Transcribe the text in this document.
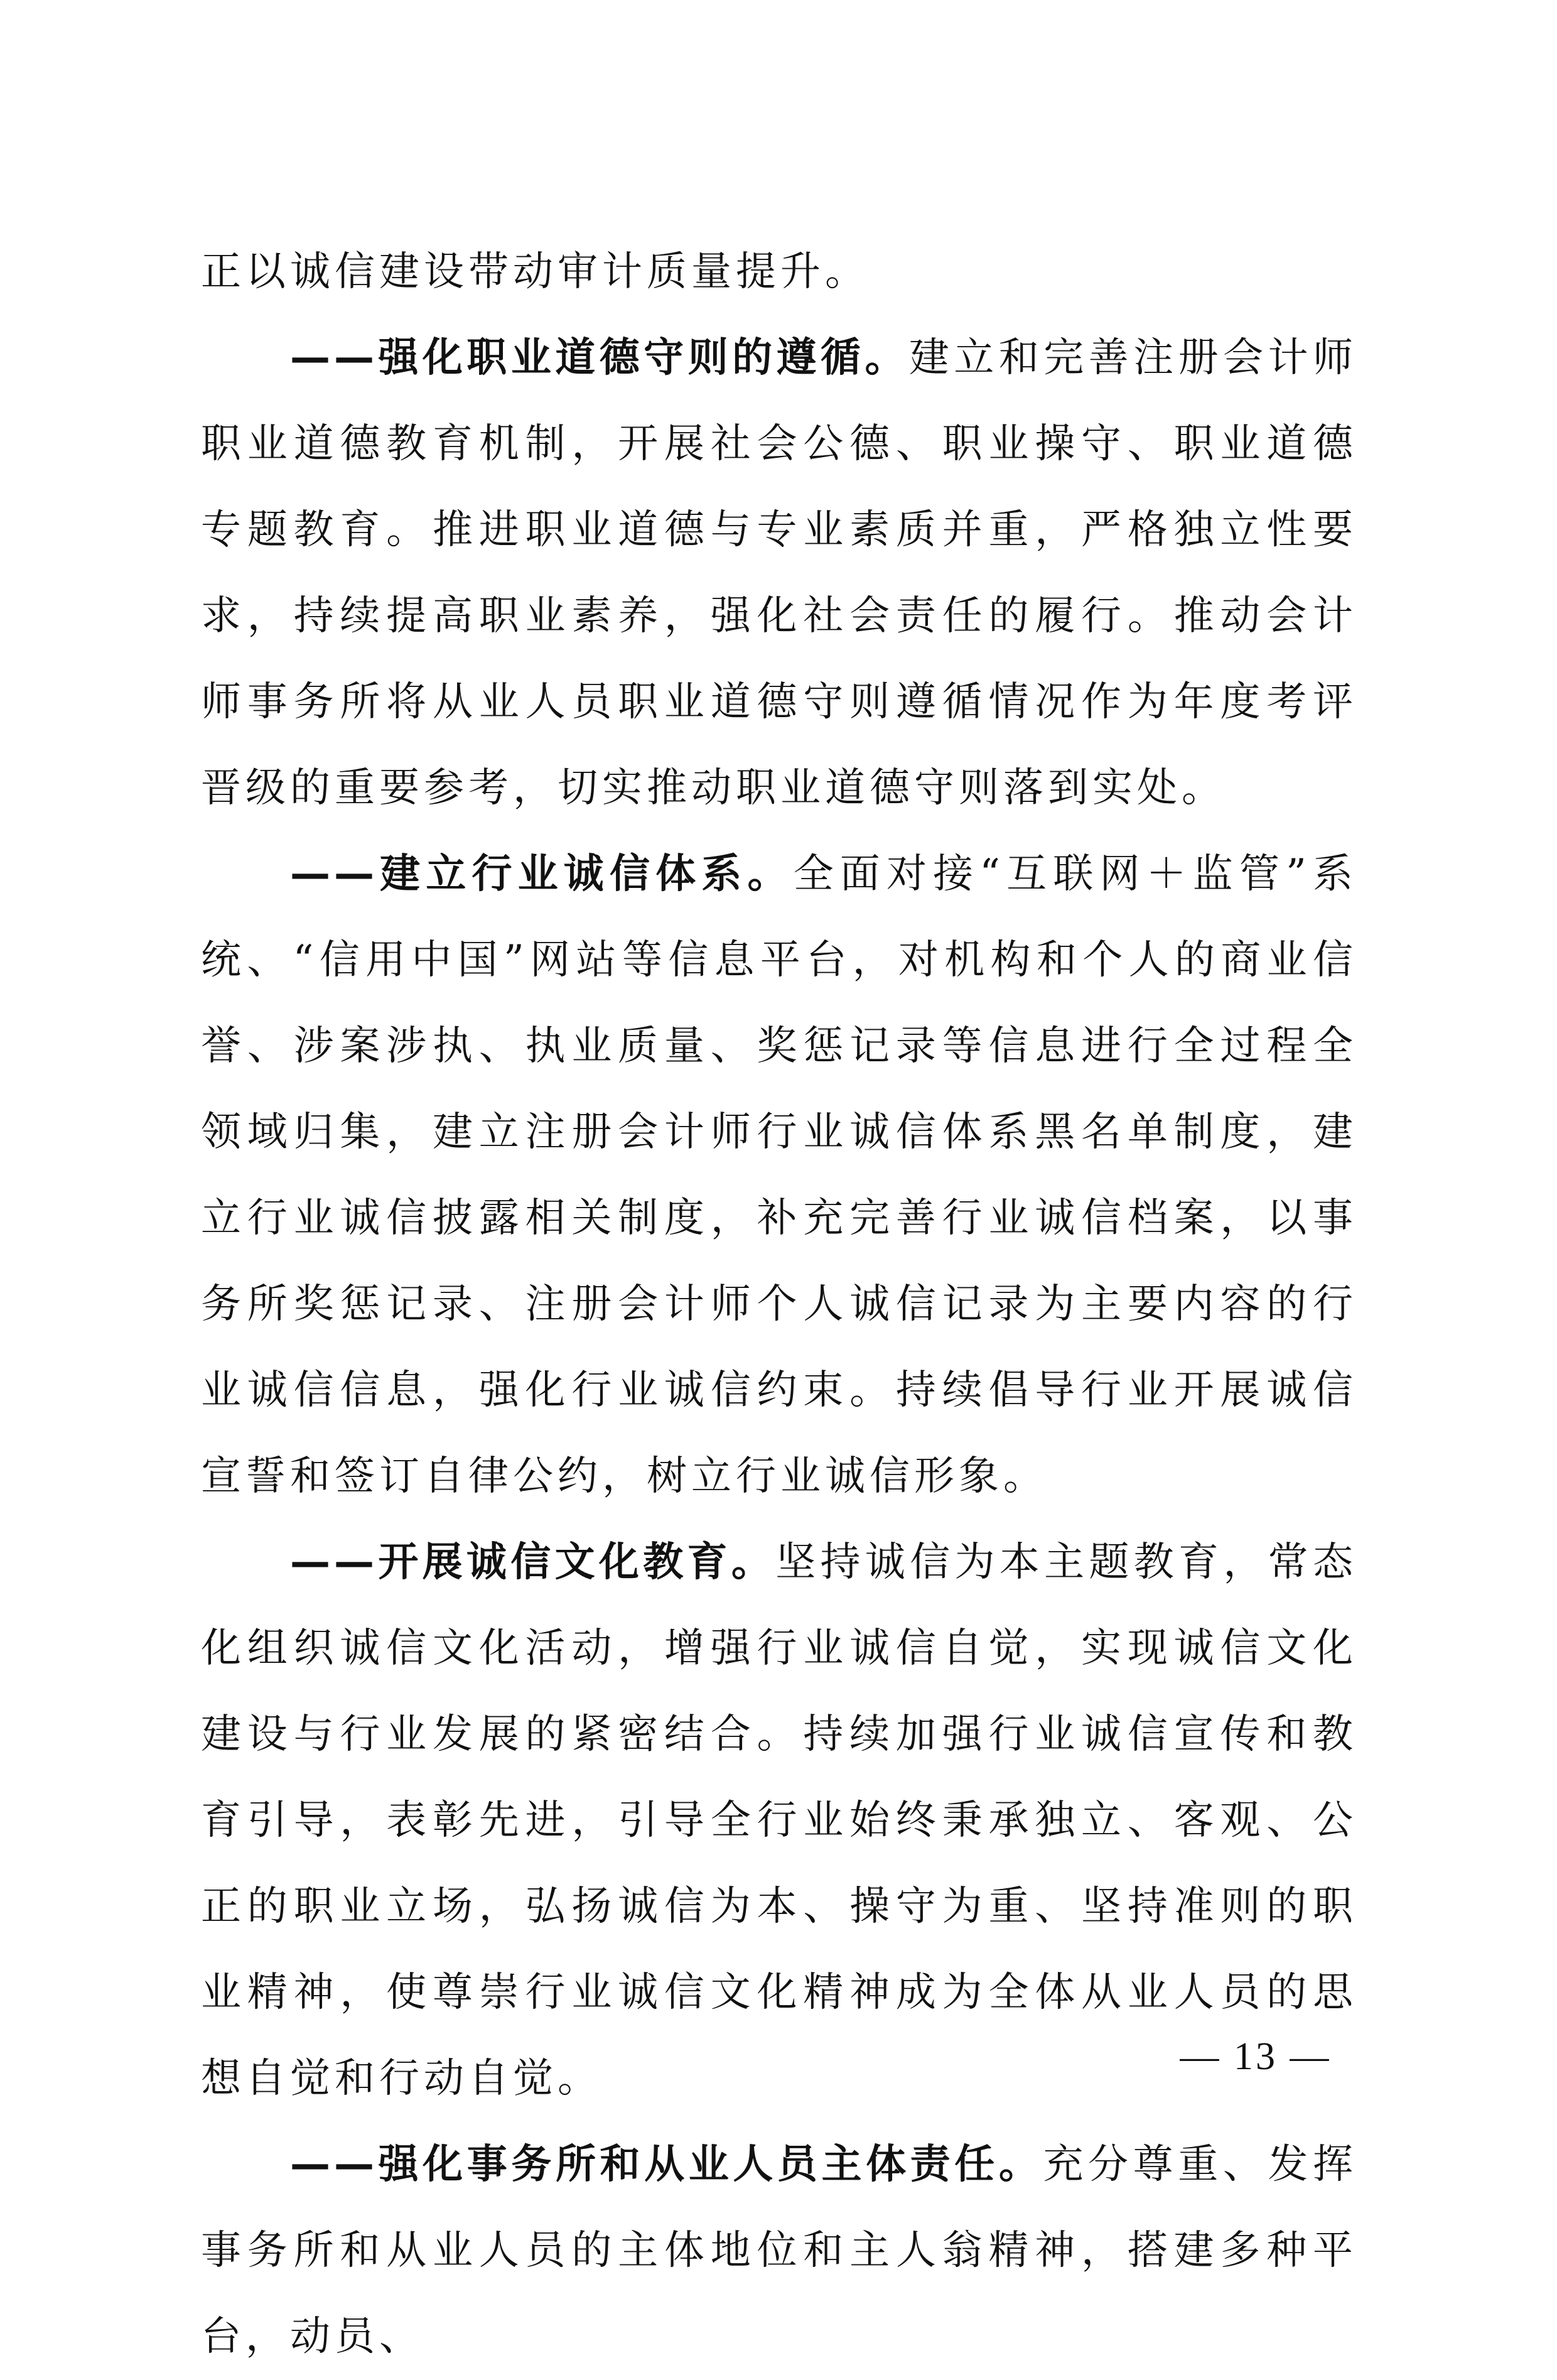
正以诚信建设带动审计质量提升。

——强化职业道德守则的遵循。建立和完善注册会计师职业道德教育机制，开展社会公德、职业操守、职业道德专题教育。推进职业道德与专业素质并重，严格独立性要求，持续提高职业素养，强化社会责任的履行。推动会计师事务所将从业人员职业道德守则遵循情况作为年度考评晋级的重要参考，切实推动职业道德守则落到实处。

——建立行业诚信体系。全面对接“互联网＋监管”系统、“信用中国”网站等信息平台，对机构和个人的商业信誉、涉案涉执、执业质量、奖惩记录等信息进行全过程全领域归集，建立注册会计师行业诚信体系黑名单制度，建立行业诚信披露相关制度，补充完善行业诚信档案，以事务所奖惩记录、注册会计师个人诚信记录为主要内容的行业诚信信息，强化行业诚信约束。持续倡导行业开展诚信宣誓和签订自律公约，树立行业诚信形象。

——开展诚信文化教育。坚持诚信为本主题教育，常态化组织诚信文化活动，增强行业诚信自觉，实现诚信文化建设与行业发展的紧密结合。持续加强行业诚信宣传和教育引导，表彰先进，引导全行业始终秉承独立、客观、公正的职业立场，弘扬诚信为本、操守为重、坚持准则的职业精神，使尊崇行业诚信文化精神成为全体从业人员的思想自觉和行动自觉。

——强化事务所和从业人员主体责任。充分尊重、发挥事务所和从业人员的主体地位和主人翁精神，搭建多种平台，动员、

— 13 —
